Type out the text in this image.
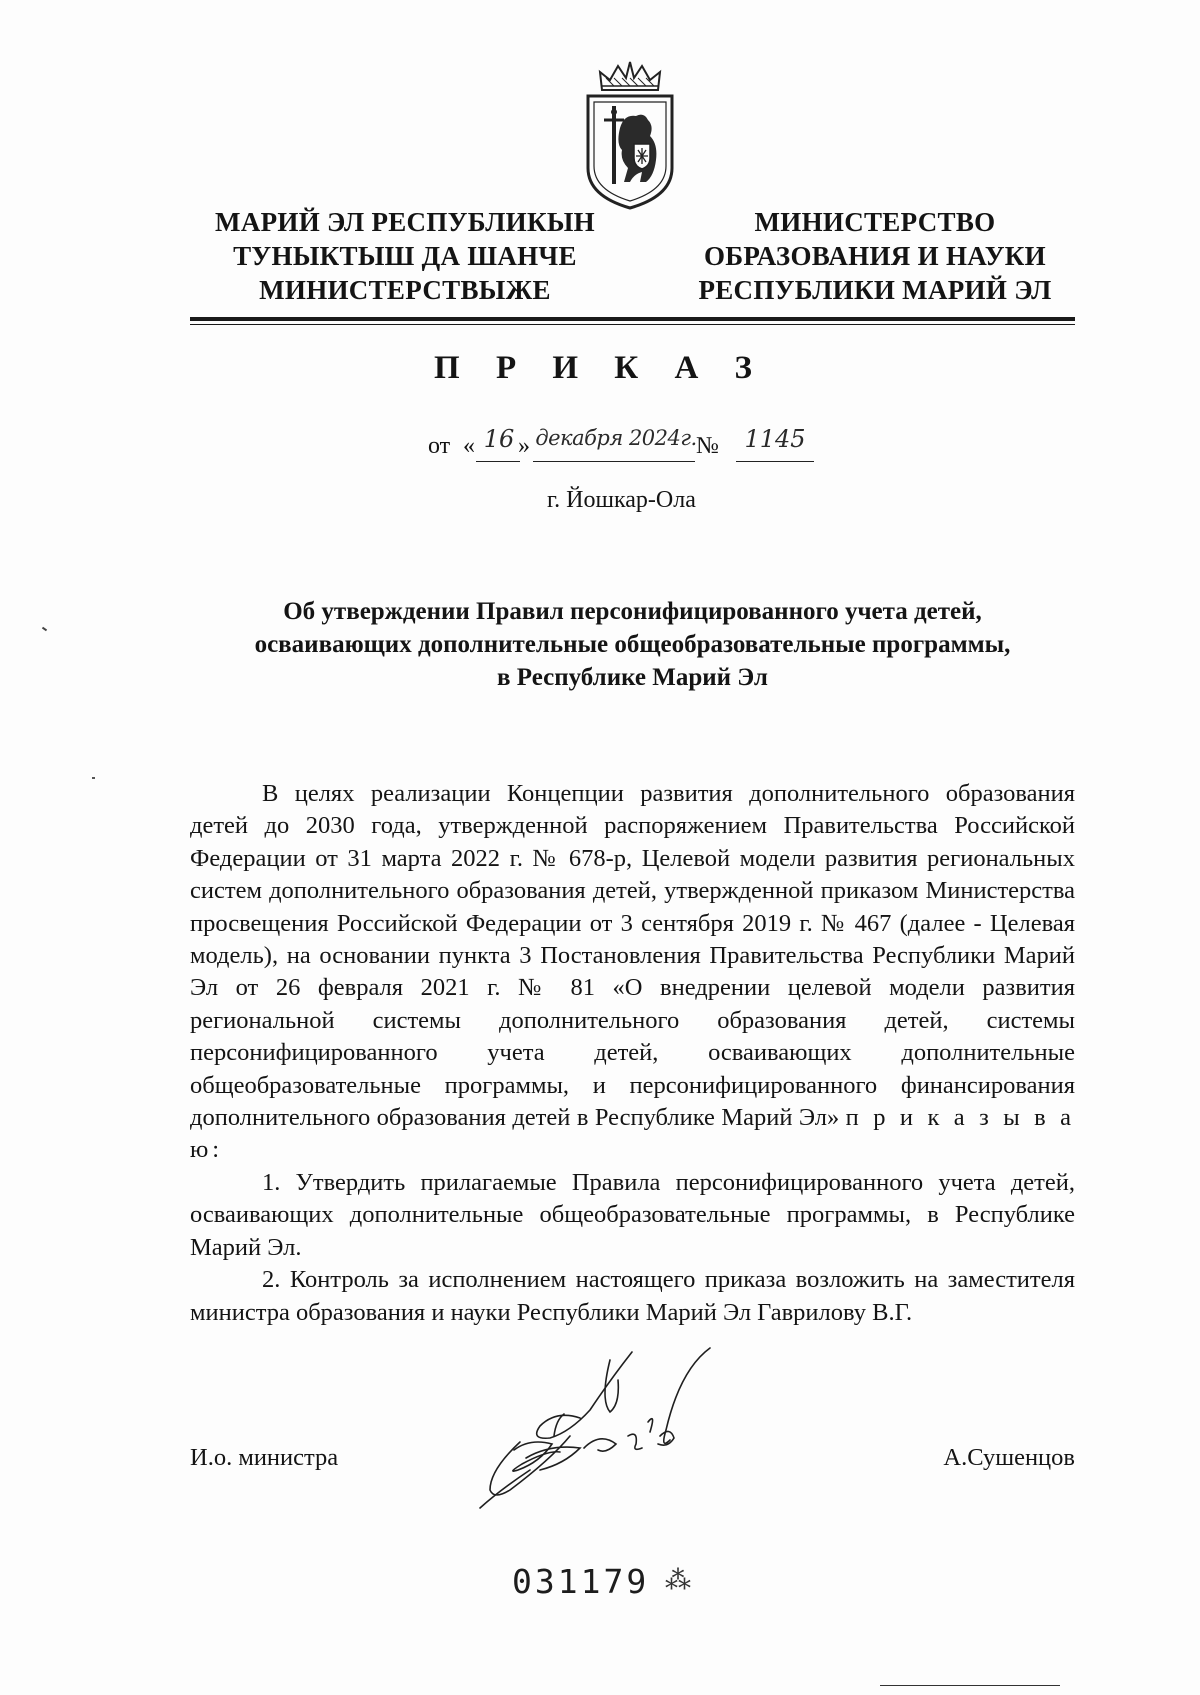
МАРИЙ ЭЛ РЕСПУБЛИКЫН
ТУНЫКТЫШ ДА ШАНЧЕ
МИНИСТЕРСТВЫЖЕ
МИНИСТЕРСТВО
ОБРАЗОВАНИЯ И НАУКИ
РЕСПУБЛИКИ МАРИЙ ЭЛ
П Р И К А З
от « 16 » декабря 2024г. № 1145
г. Йошкар-Ола
Об утверждении Правил персонифицированного учета детей,
осваивающих дополнительные общеобразовательные программы,
в Республике Марий Эл

В целях реализации Концепции развития дополнительного образования детей до 2030 года, утвержденной распоряжением Правительства Российской Федерации от 31 марта 2022 г. № 678-р, Целевой модели развития региональных систем дополнительного образования детей, утвержденной приказом Министерства просвещения Российской Федерации от 3 сентября 2019 г. № 467 (далее - Целевая модель), на основании пункта 3 Постановления Правительства Республики Марий Эл от 26 февраля 2021 г. № 81 «О внедрении целевой модели развития региональной системы дополнительного образования детей, системы персонифицированного учета детей, осваивающих дополнительные общеобразовательные программы, и персонифицированного финансирования дополнительного образования детей в Республике Марий Эл» п р и к а з ы в а ю:

1. Утвердить прилагаемые Правила персонифицированного учета детей, осваивающих дополнительные общеобразовательные программы, в Республике Марий Эл.

2. Контроль за исполнением настоящего приказа возложить на заместителя министра образования и науки Республики Марий Эл Гаврилову В.Г.

И.о. министра	А.Сушенцов
031179 ⁂
